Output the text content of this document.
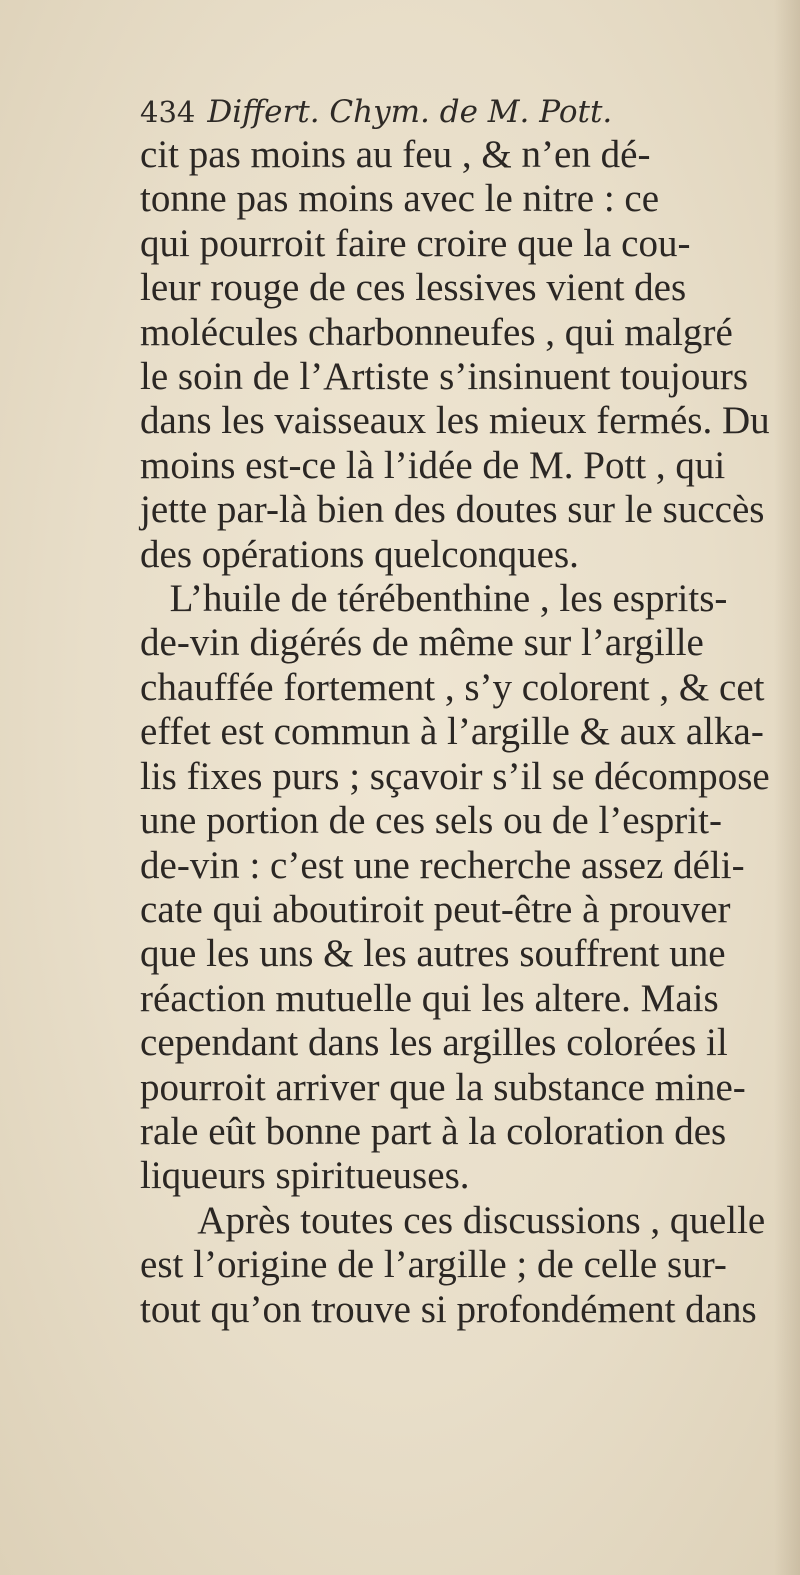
434 Differt. Chym. de M. Pott.

cit pas moins au feu , & n’en dé-
tonne pas moins avec le nitre : ce
qui pourroit faire croire que la cou-
leur rouge de ces lessives vient des
molécules charbonneufes , qui malgré
le soin de l’Artiste s’insinuent toujours
dans les vaisseaux les mieux fermés. Du
moins est-ce là l’idée de M. Pott , qui
jette par-là bien des doutes sur le succès
des opérations quelconques.
L’huile de térébenthine , les esprits-
de-vin digérés de même sur l’argille
chauffée fortement , s’y colorent , & cet
effet est commun à l’argille & aux alka-
lis fixes purs ; sçavoir s’il se décompose
une portion de ces sels ou de l’esprit-
de-vin : c’est une recherche assez déli-
cate qui aboutiroit peut-être à prouver
que les uns & les autres souffrent une
réaction mutuelle qui les altere. Mais
cependant dans les argilles colorées il
pourroit arriver que la substance mine-
rale eût bonne part à la coloration des
liqueurs spiritueuses.
Après toutes ces discussions , quelle
est l’origine de l’argille ; de celle sur-
tout qu’on trouve si profondément dans
